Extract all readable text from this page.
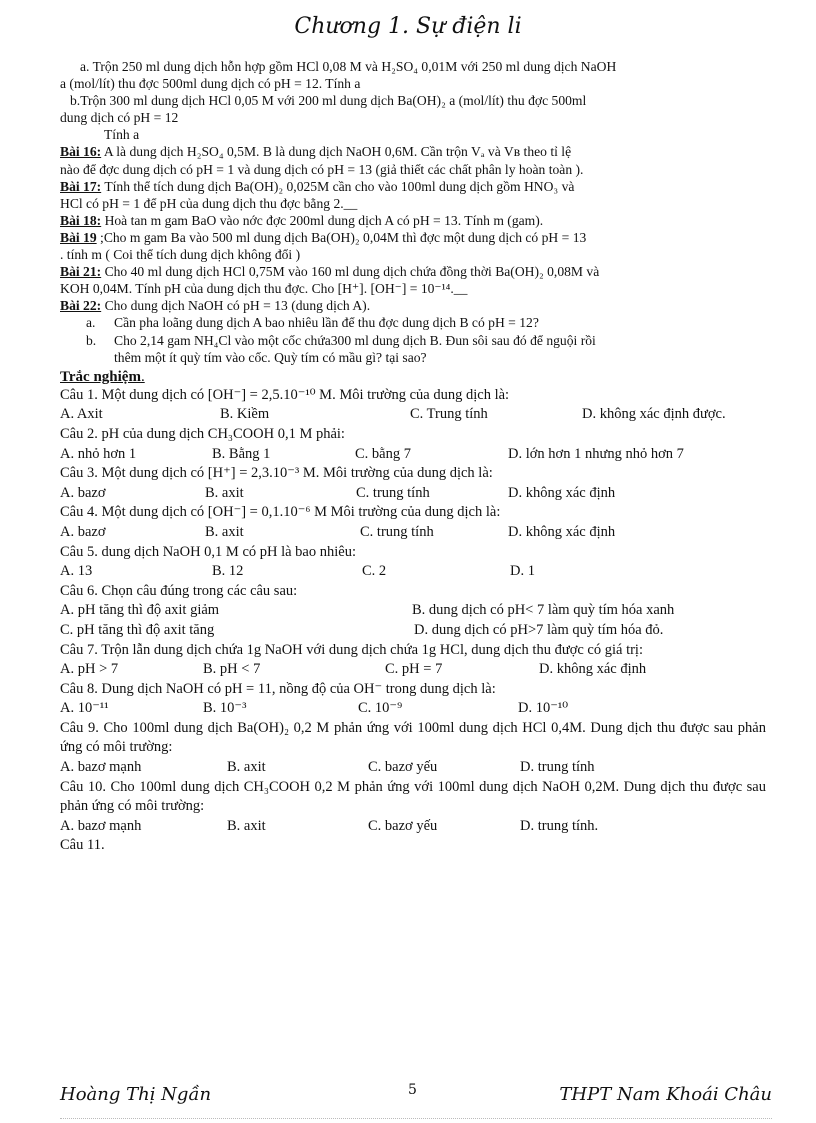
Chương 1. Sự điện li
a. Trộn 250 ml dung dịch hỗn hợp gồm HCl 0,08 M và H₂SO₄ 0,01M với 250 ml dung dịch NaOH
a (mol/lít) thu đợc 500ml dung dịch có pH = 12. Tính a
b.Trộn 300 ml dung dịch HCl 0,05 M với 200 ml dung dịch Ba(OH)₂ a (mol/lít) thu đợc 500ml
dung dịch có pH = 12
Tính a
Bài 16: A là dung dịch H₂SO₄ 0,5M. B là dung dịch NaOH 0,6M. Cần trộn Vₐ và Vв theo tỉ lệ
nào để đợc dung dịch có pH = 1 và dung dịch có pH = 13 (giả thiết các chất phân ly hoàn toàn ).
Bài 17: Tính thể tích dung dịch Ba(OH)₂ 0,025M cần cho vào 100ml dung dịch gồm HNO₃ và
HCl có pH = 1 để pH của dung dịch thu đợc bằng 2.__
Bài 18: Hoà tan m gam BaO vào nớc đợc 200ml dung dịch A có pH = 13. Tính m (gam).
Bài 19 ;Cho m gam Ba vào 500 ml dung dịch Ba(OH)₂ 0,04M thì đợc một dung dịch có pH = 13
. tính m ( Coi thể tích dung dịch không đổi )
Bài 21: Cho 40 ml dung dịch HCl 0,75M vào 160 ml dung dịch chứa đồng thời Ba(OH)₂ 0,08M và
KOH 0,04M. Tính pH của dung dịch thu đợc. Cho [H⁺]. [OH⁻] = 10⁻¹⁴.__
Bài 22: Cho dung dịch NaOH có pH = 13 (dung dịch A).
a.	Cần pha loãng dung dịch A bao nhiêu lần để thu đợc dung dịch B có pH = 12?
b.	Cho 2,14 gam NH₄Cl vào một cốc chứa300 ml dung dịch B. Đun sôi sau đó để nguội rồi
thêm một ít quỳ tím vào cốc. Quỳ tím có mầu gì? tại sao?
Trắc nghiệm.
Câu 1. Một dung dịch có [OH⁻] = 2,5.10⁻¹⁰ M. Môi trường của dung dịch là:
A. Axit	B. Kiềm	C. Trung tính	D. không xác định được.
Câu 2. pH của dung dịch CH₃COOH 0,1 M phải:
A. nhỏ hơn 1	B. Bằng 1	C. bằng 7	D. lớn hơn 1 nhưng nhỏ hơn 7
Câu 3. Một dung dịch có [H⁺] = 2,3.10⁻³ M. Môi trường của dung dịch là:
A. bazơ	B. axit	C. trung tính	D. không xác định
Câu 4. Một dung dịch có [OH⁻] = 0,1.10⁻⁶ M Môi trường của dung dịch là:
A. bazơ	B. axit	C. trung tính	D. không xác định
Câu 5. dung dịch NaOH 0,1 M có pH là bao nhiêu:
A. 13	B. 12	C. 2	D. 1
Câu 6. Chọn câu đúng trong các câu sau:
A. pH tăng thì độ axit giảm	B. dung dịch có pH< 7 làm quỳ tím hóa xanh
C. pH tăng thì độ axit tăng	D. dung dịch có pH>7 làm quỳ tím hóa đỏ.
Câu 7. Trộn lẫn dung dịch chứa 1g NaOH với dung dịch chứa 1g HCl, dung dịch thu được có giá trị:
A. pH > 7	B. pH < 7	C. pH = 7	D. không xác định
Câu 8. Dung dịch NaOH có pH = 11, nồng độ của OH⁻ trong dung dịch là:
A. 10⁻¹¹	B. 10⁻³	C. 10⁻⁹	D. 10⁻¹⁰
Câu 9. Cho 100ml dung dịch Ba(OH)₂ 0,2 M phản ứng với 100ml dung dịch HCl 0,4M. Dung dịch thu được sau phản ứng có môi trường:
A. bazơ mạnh	B. axit	C. bazơ yếu	D. trung tính
Câu 10. Cho 100ml dung dịch CH₃COOH 0,2 M phản ứng với 100ml dung dịch NaOH 0,2M. Dung dịch thu được sau phản ứng có môi trường:
A. bazơ mạnh	B. axit	C. bazơ yếu	D. trung tính.
Câu 11.
Hoàng Thị Ngần	5	THPT Nam Khoái Châu
